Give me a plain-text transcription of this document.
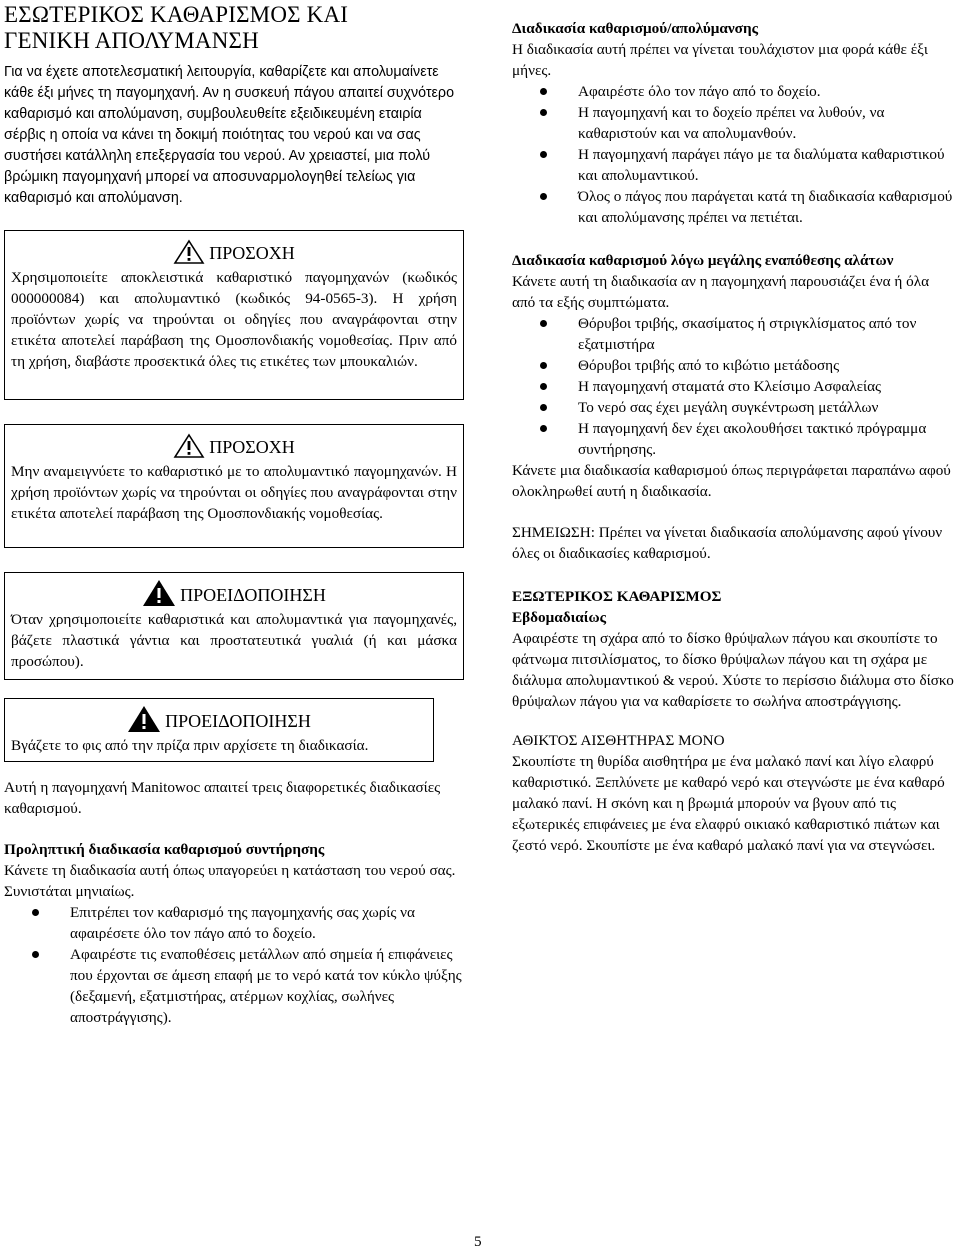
ΕΣΩΤΕΡΙΚΟΣ ΚΑΘΑΡΙΣΜΟΣ ΚΑΙ
ΓΕΝΙΚΗ ΑΠΟΛΥΜΑΝΣΗ

Για να έχετε αποτελεσματική λειτουργία, καθαρίζετε και απολυμαίνετε κάθε έξι μήνες τη παγομηχανή. Αν η συσκευή πάγου απαιτεί συχνότερο καθαρισμό και απολύμανση, συμβουλευθείτε εξειδικευμένη εταιρία σέρβις η οποία να κάνει τη δοκιμή ποιότητας του νερού και να σας συστήσει κατάλληλη επεξεργασία του νερού. Αν χρειαστεί, μια πολύ βρώμικη παγομηχανή μπορεί να αποσυναρμολογηθεί τελείως για καθαρισμό και απολύμανση.

ΠΡΟΣΟΧΗ

Χρησιμοποιείτε αποκλειστικά καθαριστικό παγομηχανών (κωδικός 000000084) και απολυμαντικό (κωδικός 94-0565-3). Η χρήση προϊόντων χωρίς να τηρούνται οι οδηγίες που αναγράφονται στην ετικέτα αποτελεί παράβαση της Ομοσπονδιακής νομοθεσίας. Πριν από τη χρήση, διαβάστε προσεκτικά όλες τις ετικέτες των μπουκαλιών.

ΠΡΟΣΟΧΗ

Μην αναμειγνύετε το καθαριστικό με το απολυμαντικό παγομηχανών. Η χρήση προϊόντων χωρίς να τηρούνται οι οδηγίες που αναγράφονται στην ετικέτα αποτελεί παράβαση της Ομοσπονδιακής νομοθεσίας.

ΠΡΟΕΙΔΟΠΟΙΗΣΗ

Όταν χρησιμοποιείτε καθαριστικά και απολυμαντικά για παγομηχανές, βάζετε πλαστικά γάντια και προστατευτικά γυαλιά (ή και μάσκα προσώπου).

ΠΡΟΕΙΔΟΠΟΙΗΣΗ

Βγάζετε το φις από την πρίζα πριν αρχίσετε τη διαδικασία.

Αυτή η παγομηχανή Manitowoc απαιτεί τρεις διαφορετικές διαδικασίες καθαρισμού.

Προληπτική διαδικασία καθαρισμού συντήρησης

Κάνετε τη διαδικασία αυτή όπως υπαγορεύει η κατάσταση του νερού σας. Συνιστάται μηνιαίως.

Επιτρέπει τον καθαρισμό της παγομηχανής σας χωρίς να αφαιρέσετε όλο τον πάγο από το δοχείο.
Αφαιρέστε τις εναποθέσεις μετάλλων από σημεία ή επιφάνειες που έρχονται σε άμεση επαφή με το νερό κατά τον κύκλο ψύξης (δεξαμενή, εξατμιστήρας, ατέρμων κοχλίας, σωλήνες αποστράγγισης).

Διαδικασία καθαρισμού/απολύμανσης

Η διαδικασία αυτή πρέπει να γίνεται τουλάχιστον μια φορά κάθε έξι μήνες.

Αφαιρέστε όλο τον πάγο από το δοχείο.
Η παγομηχανή και το δοχείο πρέπει να λυθούν, να καθαριστούν και να απολυμανθούν.
Η παγομηχανή παράγει πάγο με τα διαλύματα καθαριστικού και απολυμαντικού.
Όλος ο πάγος που παράγεται κατά τη διαδικασία καθαρισμού και απολύμανσης πρέπει να πετιέται.

Διαδικασία καθαρισμού λόγω μεγάλης εναπόθεσης αλάτων

Κάνετε αυτή τη διαδικασία αν η παγομηχανή παρουσιάζει ένα ή όλα από τα εξής συμπτώματα.

Θόρυβοι τριβής, σκασίματος ή στριγκλίσματος από τον εξατμιστήρα
Θόρυβοι τριβής από το κιβώτιο μετάδοσης
Η παγομηχανή σταματά στο Κλείσιμο Ασφαλείας
Το νερό σας έχει μεγάλη συγκέντρωση μετάλλων
Η παγομηχανή δεν έχει ακολουθήσει τακτικό πρόγραμμα συντήρησης.

Κάνετε μια διαδικασία καθαρισμού όπως περιγράφεται παραπάνω αφού ολοκληρωθεί αυτή η διαδικασία.

ΣΗΜΕΙΩΣΗ: Πρέπει να γίνεται διαδικασία απολύμανσης αφού γίνουν όλες οι διαδικασίες καθαρισμού.

ΕΞΩΤΕΡΙΚΟΣ ΚΑΘΑΡΙΣΜΟΣ

Εβδομαδιαίως

Αφαιρέστε τη σχάρα από το δίσκο θρύψαλων πάγου και σκουπίστε το φάτνωμα πιτσιλίσματος, το δίσκο θρύψαλων πάγου και τη σχάρα με διάλυμα απολυμαντικού & νερού. Χύστε το περίσσιο διάλυμα στο δίσκο θρύψαλων πάγου για να καθαρίσετε το σωλήνα αποστράγγισης.

ΑΘΙΚΤΟΣ ΑΙΣΘΗΤΗΡΑΣ ΜΟΝΟ

Σκουπίστε τη θυρίδα αισθητήρα με ένα μαλακό πανί και λίγο ελαφρύ καθαριστικό. Ξεπλύνετε με καθαρό νερό και στεγνώστε με ένα καθαρό μαλακό πανί. Η σκόνη και η βρωμιά μπορούν να βγουν από τις εξωτερικές επιφάνειες με ένα ελαφρύ οικιακό καθαριστικό πιάτων και ζεστό νερό. Σκουπίστε με ένα καθαρό μαλακό πανί για να στεγνώσει.

5
